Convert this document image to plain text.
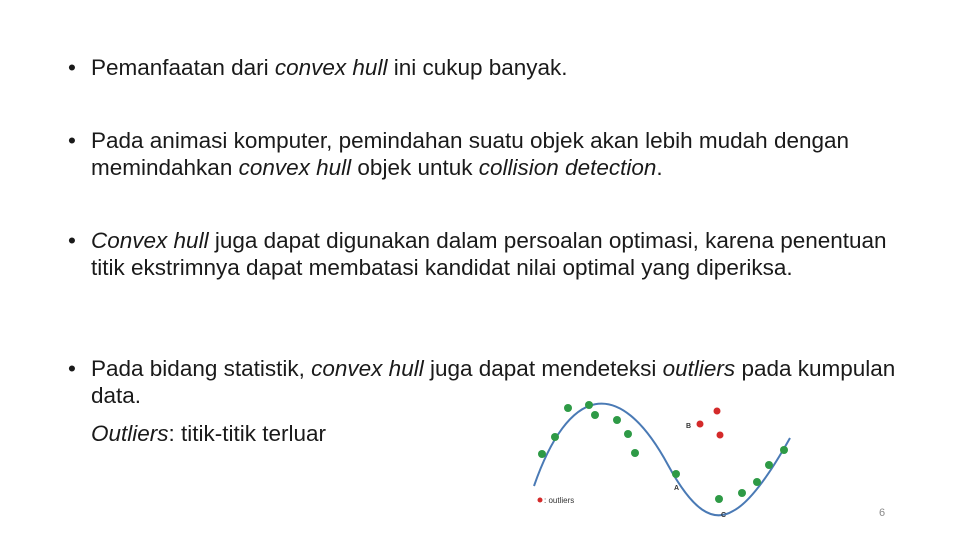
• Pemanfaatan dari convex hull ini cukup banyak.
• Pada animasi komputer, pemindahan suatu objek akan lebih mudah dengan memindahkan convex hull objek untuk collision detection.
• Convex hull juga dapat digunakan dalam persoalan optimasi, karena penentuan titik ekstrimnya dapat membatasi kandidat nilai optimal yang diperiksa.
• Pada bidang statistik, convex hull juga dapat mendeteksi outliers pada kumpulan data.
Outliers: titik-titik terluar	B
A
C
: outliers
6
